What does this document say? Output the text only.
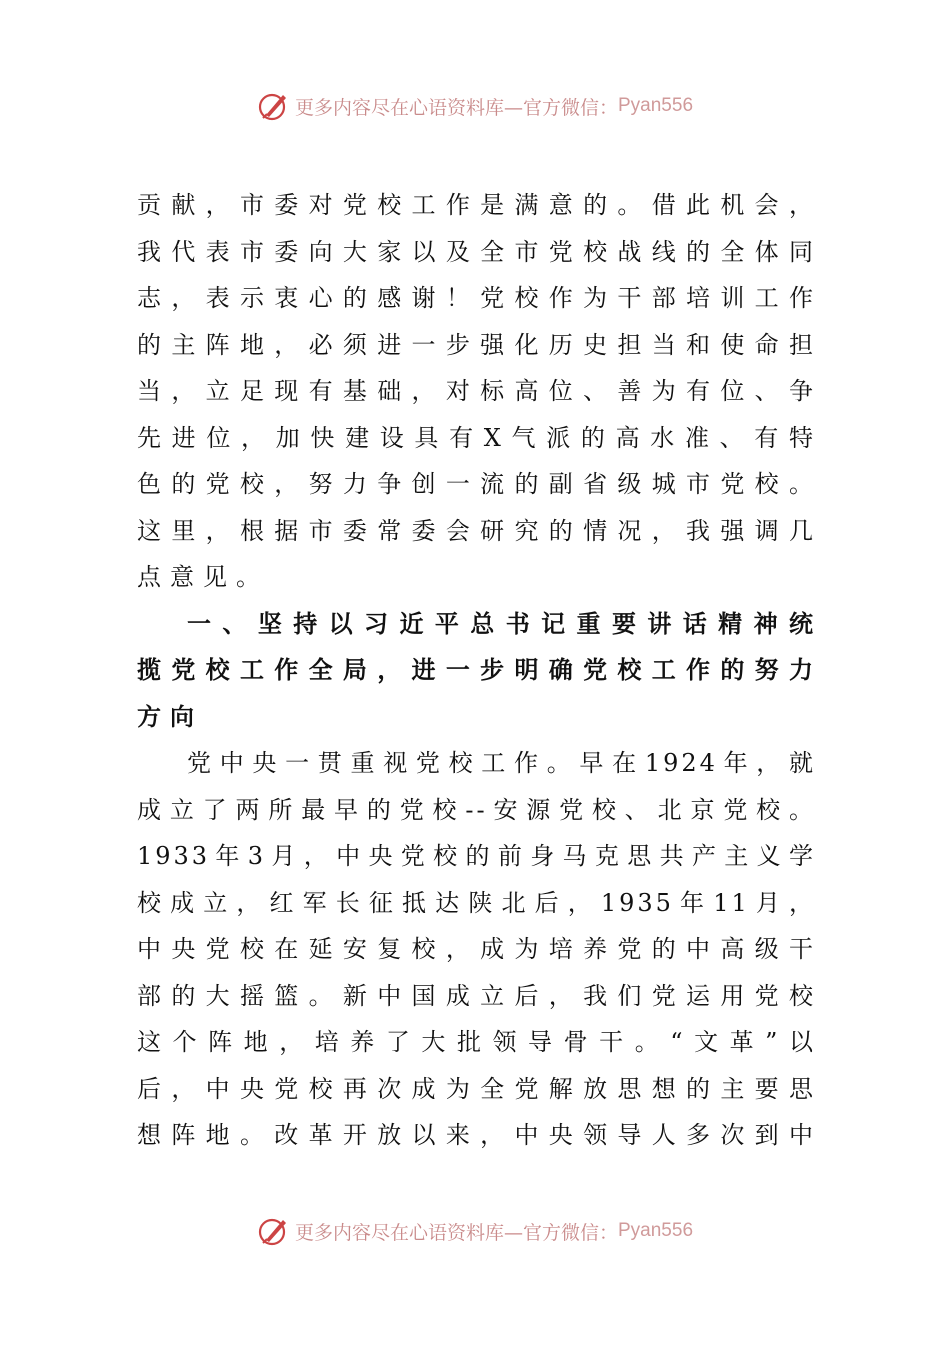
更多内容尽在心语资料库—官方微信： Pyan556
贡献，市委对党校工作是满意的。借此机会，
我代表市委向大家以及全市党校战线的全体同
志，表示衷心的感谢！党校作为干部培训工作
的主阵地，必须进一步强化历史担当和使命担
当，立足现有基础，对标高位、善为有位、争
先进位，加快建设具有X气派的高水准、有特
色的党校，努力争创一流的副省级城市党校。
这里，根据市委常委会研究的情况，我强调几
点意见。
一、坚持以习近平总书记重要讲话精神统
揽党校工作全局，进一步明确党校工作的努力
方向
党中央一贯重视党校工作。早在1924年，就
成立了两所最早的党校--安源党校、北京党校。
1933年3月，中央党校的前身马克思共产主义学
校成立，红军长征抵达陕北后，1935年11月，
中央党校在延安复校，成为培养党的中高级干
部的大摇篮。新中国成立后，我们党运用党校
这个阵地，培养了大批领导骨干。“文革”以
后，中央党校再次成为全党解放思想的主要思
想阵地。改革开放以来，中央领导人多次到中
更多内容尽在心语资料库—官方微信： Pyan556
